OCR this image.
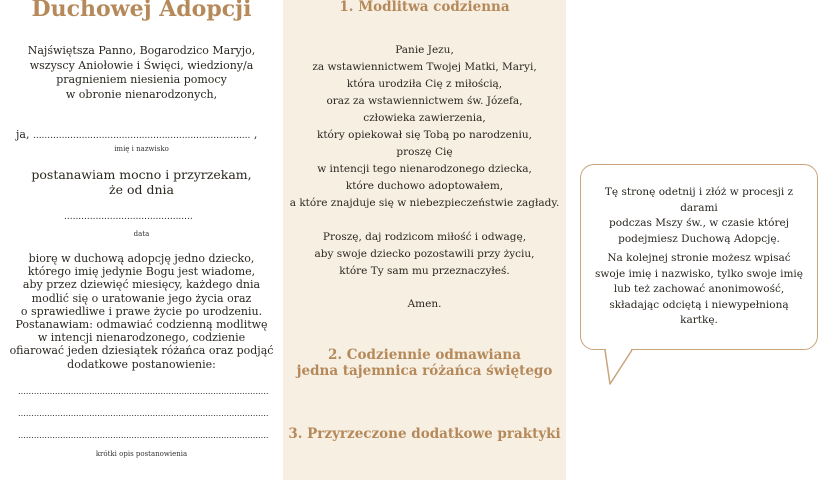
Duchowej Adopcji
Najświętsza Panno, Bogarodzico Maryjo,
wszyscy Aniołowie i Święci, wiedziony/a
pragnieniem niesienia pomocy
w obronie nienarodzonych,
ja, ............................................................................ ,
imię i nazwisko
postanawiam mocno i przyrzekam,
że od dnia
.............................................
data
biorę w duchową adopcję jedno dziecko,
którego imię jedynie Bogu jest wiadome,
aby przez dziewięć miesięcy, każdego dnia
modlić się o uratowanie jego życia oraz
o sprawiedliwe i prawe życie po urodzeniu.
Postanawiam: odmawiać codzienną modlitwę
w intencji nienarodzonego, codzienie
ofiarować jeden dziesiątek różańca oraz podjąć
dodatkowe postanowienie:
...............................................................................................
...............................................................................................
...............................................................................................
krótki opis postanowienia
1. Modlitwa codzienna
Panie Jezu,
za wstawiennictwem Twojej Matki, Maryi,
która urodziła Cię z miłością,
oraz za wstawiennictwem św. Józefa,
człowieka zawierzenia,
który opiekował się Tobą po narodzeniu,
proszę Cię
w intencji tego nienarodzonego dziecka,
które duchowo adoptowałem,
a które znajduje się w niebezpieczeństwie zagłady.
Proszę, daj rodzicom miłość i odwagę,
aby swoje dziecko pozostawili przy życiu,
które Ty sam mu przeznaczyłeś.
Amen.
2. Codziennie odmawiana
jedna tajemnica różańca świętego
3. Przyrzeczone dodatkowe praktyki
Tę stronę odetnij i złóż w procesji z darami
podczas Mszy św., w czasie której
podejmiesz Duchową Adopcję.
Na kolejnej stronie możesz wpisać
swoje imię i nazwisko, tylko swoje imię
lub też zachować anonimowość,
składając odciętą i niewypełnioną kartkę.
